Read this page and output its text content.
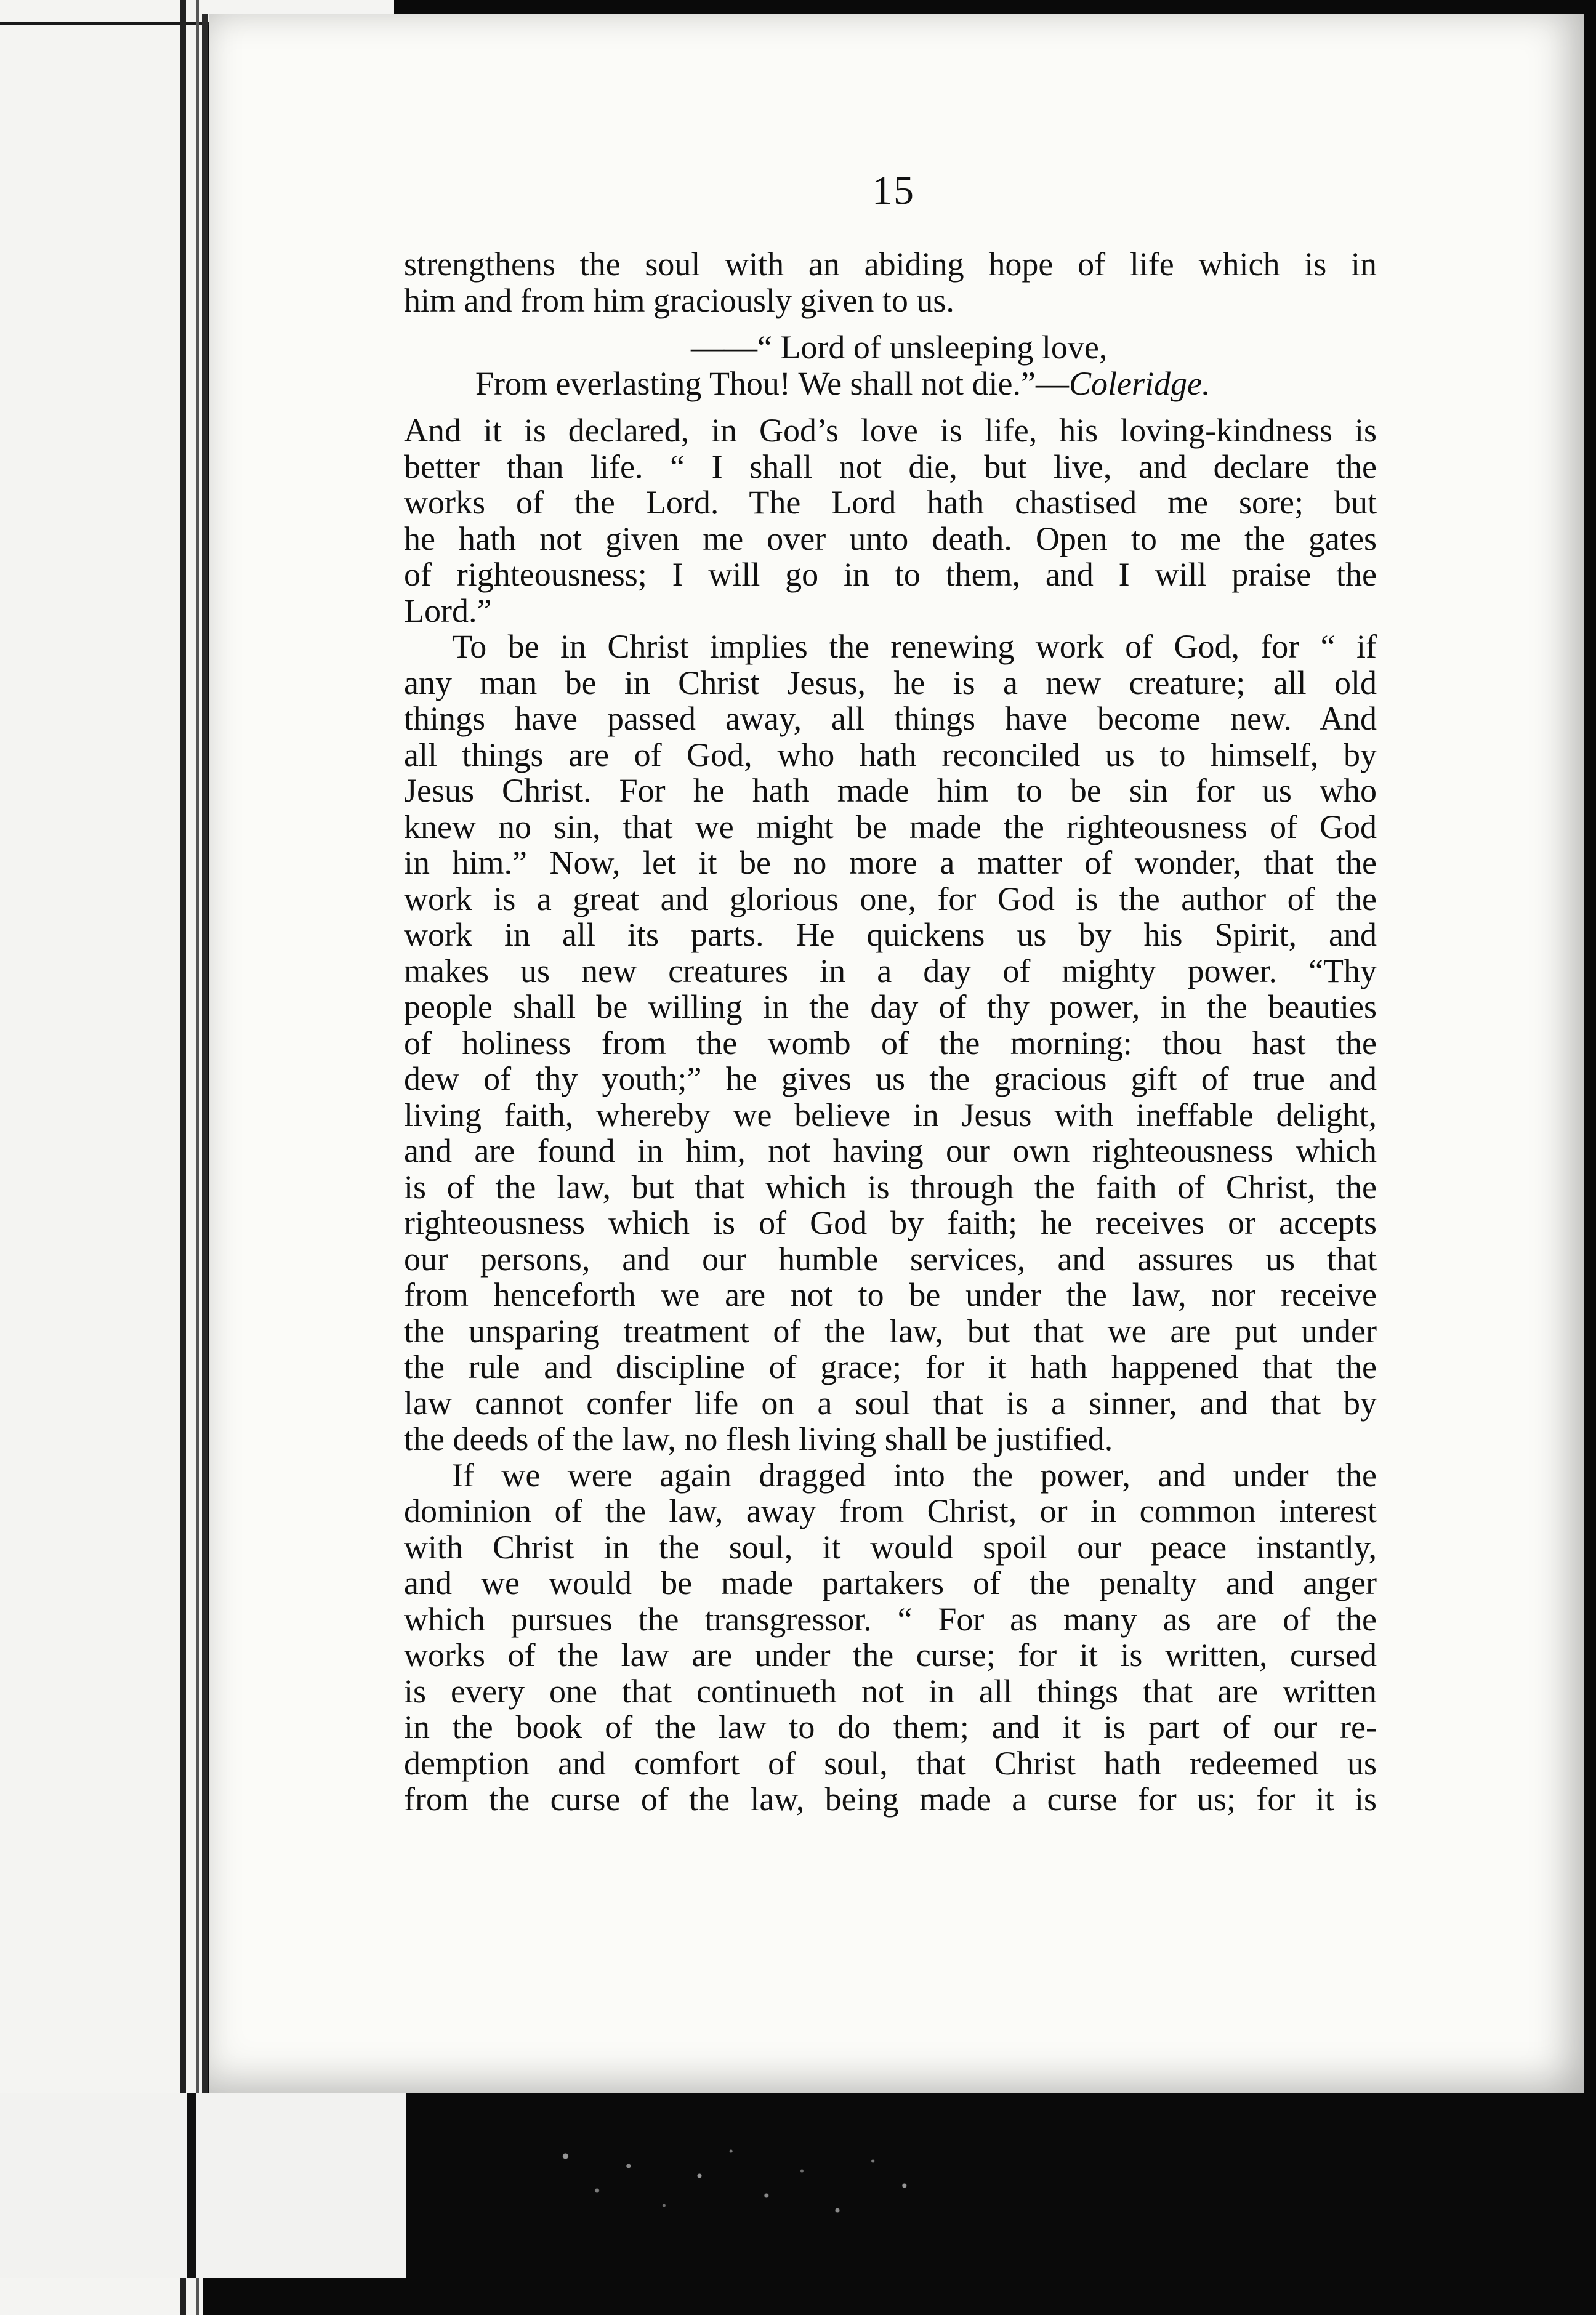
15
strengthens the soul with an abiding hope of life which is in
him and from him graciously given to us.
——“ Lord of unsleeping love,
From everlasting Thou! We shall not die.”—Coleridge.
And it is declared, in God’s love is life, his loving-kindness is
better than life. “ I shall not die, but live, and declare the
works of the Lord. The Lord hath chastised me sore; but
he hath not given me over unto death. Open to me the gates
of righteousness; I will go in to them, and I will praise the
Lord.”
To be in Christ implies the renewing work of God, for “ if
any man be in Christ Jesus, he is a new creature; all old
things have passed away, all things have become new. And
all things are of God, who hath reconciled us to himself, by
Jesus Christ. For he hath made him to be sin for us who
knew no sin, that we might be made the righteousness of God
in him.” Now, let it be no more a matter of wonder, that the
work is a great and glorious one, for God is the author of the
work in all its parts. He quickens us by his Spirit, and
makes us new creatures in a day of mighty power. “Thy
people shall be willing in the day of thy power, in the beauties
of holiness from the womb of the morning: thou hast the
dew of thy youth;” he gives us the gracious gift of true and
living faith, whereby we believe in Jesus with ineffable delight,
and are found in him, not having our own righteousness which
is of the law, but that which is through the faith of Christ, the
righteousness which is of God by faith; he receives or accepts
our persons, and our humble services, and assures us that
from henceforth we are not to be under the law, nor receive
the unsparing treatment of the law, but that we are put under
the rule and discipline of grace; for it hath happened that the
law cannot confer life on a soul that is a sinner, and that by
the deeds of the law, no flesh living shall be justified.
If we were again dragged into the power, and under the
dominion of the law, away from Christ, or in common interest
with Christ in the soul, it would spoil our peace instantly,
and we would be made partakers of the penalty and anger
which pursues the transgressor. “ For as many as are of the
works of the law are under the curse; for it is written, cursed
is every one that continueth not in all things that are written
in the book of the law to do them; and it is part of our re-
demption and comfort of soul, that Christ hath redeemed us
from the curse of the law, being made a curse for us; for it is
